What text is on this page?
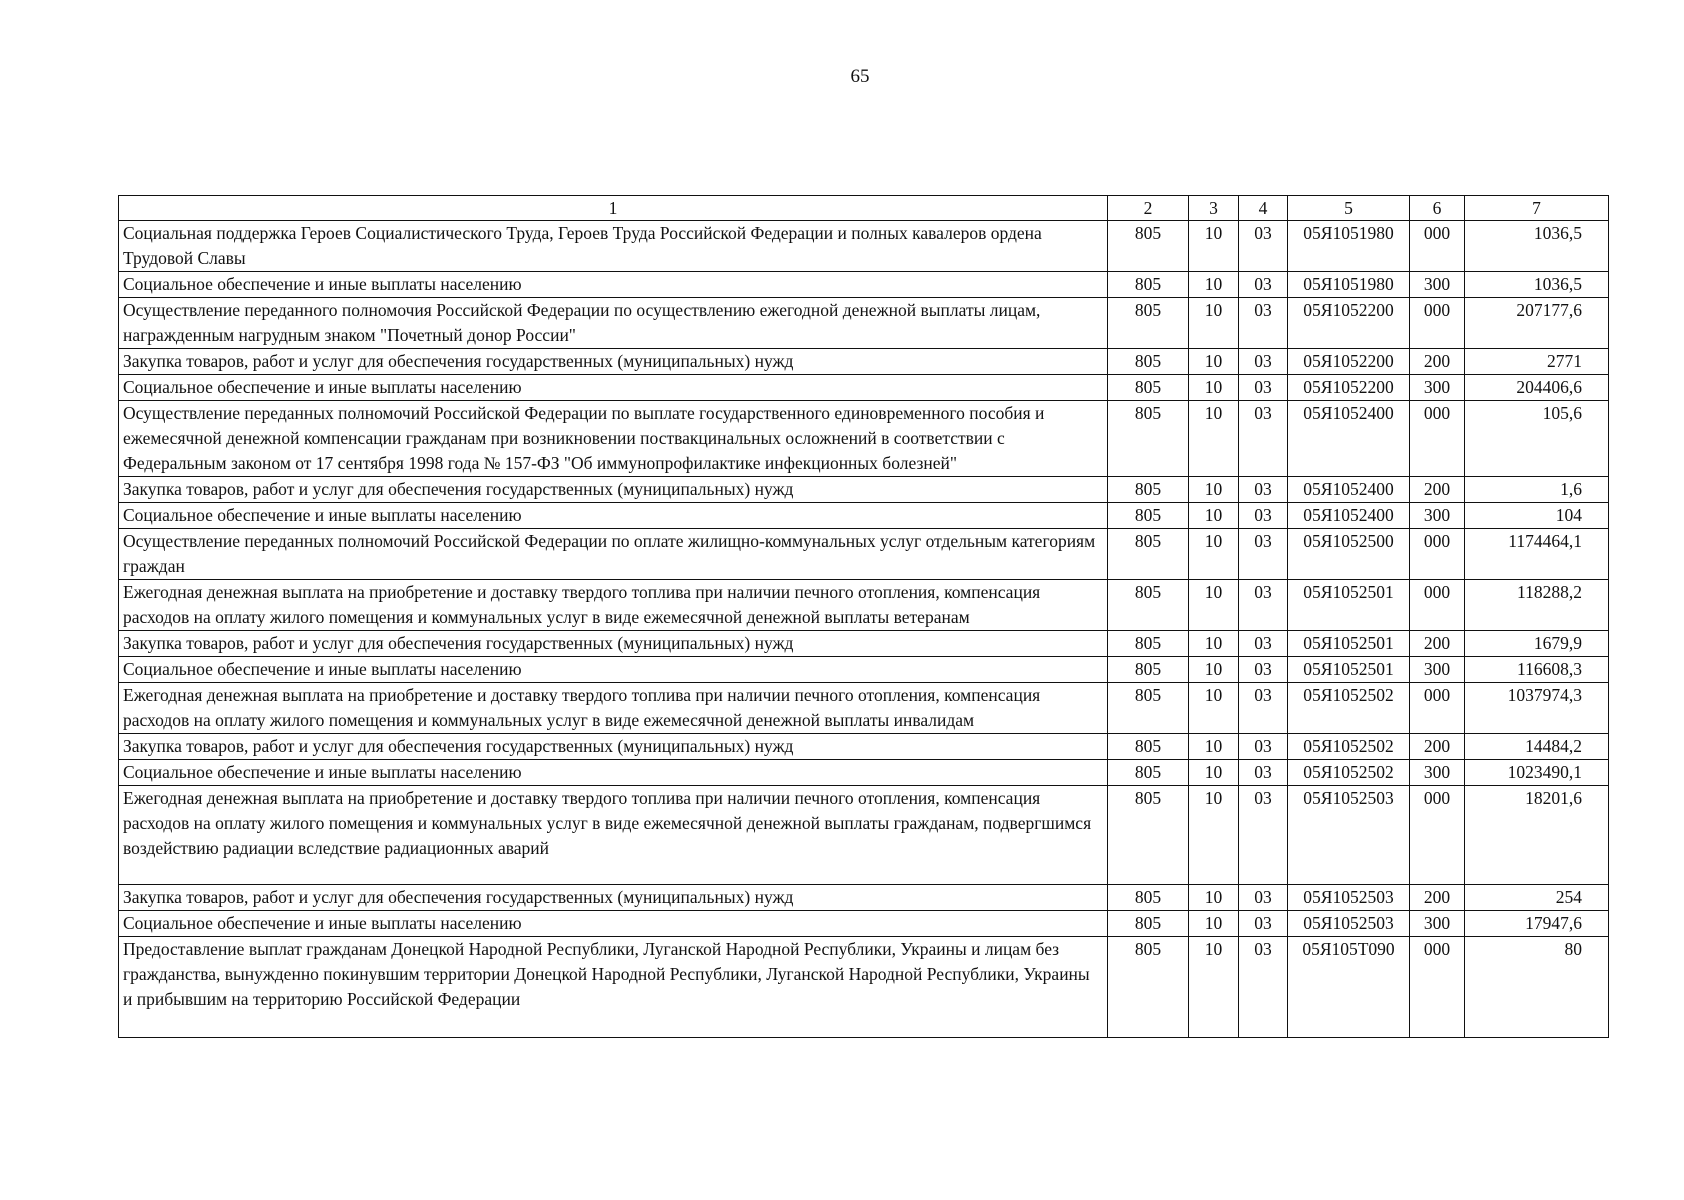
65
1	2	3	4	5	6	7
Социальная поддержка Героев Социалистического Труда, Героев Труда Российской Федерации и полных кавалеров ордена Трудовой Славы	805	10	03	05Я1051980	000	1036,5
Социальное обеспечение и иные выплаты населению	805	10	03	05Я1051980	300	1036,5
Осуществление переданного полномочия Российской Федерации по осуществлению ежегодной денежной выплаты лицам, награжденным нагрудным знаком "Почетный донор России"	805	10	03	05Я1052200	000	207177,6
Закупка товаров, работ и услуг для обеспечения государственных (муниципальных) нужд	805	10	03	05Я1052200	200	2771
Социальное обеспечение и иные выплаты населению	805	10	03	05Я1052200	300	204406,6
Осуществление переданных полномочий Российской Федерации по выплате государственного единовременного пособия и ежемесячной денежной компенсации гражданам при возникновении поствакцинальных осложнений в соответствии с Федеральным законом от 17 сентября 1998 года № 157-ФЗ "Об иммунопрофилактике инфекционных болезней"	805	10	03	05Я1052400	000	105,6
Закупка товаров, работ и услуг для обеспечения государственных (муниципальных) нужд	805	10	03	05Я1052400	200	1,6
Социальное обеспечение и иные выплаты населению	805	10	03	05Я1052400	300	104
Осуществление переданных полномочий Российской Федерации по оплате жилищно-коммунальных услуг отдельным категориям граждан	805	10	03	05Я1052500	000	1174464,1
Ежегодная денежная выплата на приобретение и доставку твердого топлива при наличии печного отопления, компенсация расходов на оплату жилого помещения и коммунальных услуг в виде ежемесячной денежной выплаты ветеранам	805	10	03	05Я1052501	000	118288,2
Закупка товаров, работ и услуг для обеспечения государственных (муниципальных) нужд	805	10	03	05Я1052501	200	1679,9
Социальное обеспечение и иные выплаты населению	805	10	03	05Я1052501	300	116608,3
Ежегодная денежная выплата на приобретение и доставку твердого топлива при наличии печного отопления, компенсация расходов на оплату жилого помещения и коммунальных услуг в виде ежемесячной денежной выплаты инвалидам	805	10	03	05Я1052502	000	1037974,3
Закупка товаров, работ и услуг для обеспечения государственных (муниципальных) нужд	805	10	03	05Я1052502	200	14484,2
Социальное обеспечение и иные выплаты населению	805	10	03	05Я1052502	300	1023490,1
Ежегодная денежная выплата на приобретение и доставку твердого топлива при наличии печного отопления, компенсация расходов на оплату жилого помещения и коммунальных услуг в виде ежемесячной денежной выплаты гражданам, подвергшимся воздействию радиации вследствие радиационных аварий	805	10	03	05Я1052503	000	18201,6
Закупка товаров, работ и услуг для обеспечения государственных (муниципальных) нужд	805	10	03	05Я1052503	200	254
Социальное обеспечение и иные выплаты населению	805	10	03	05Я1052503	300	17947,6
Предоставление выплат гражданам Донецкой Народной Республики, Луганской Народной Республики, Украины и лицам без гражданства, вынужденно покинувшим территории Донецкой Народной Республики, Луганской Народной Республики, Украины и прибывшим на территорию Российской Федерации	805	10	03	05Я105Т090	000	80
